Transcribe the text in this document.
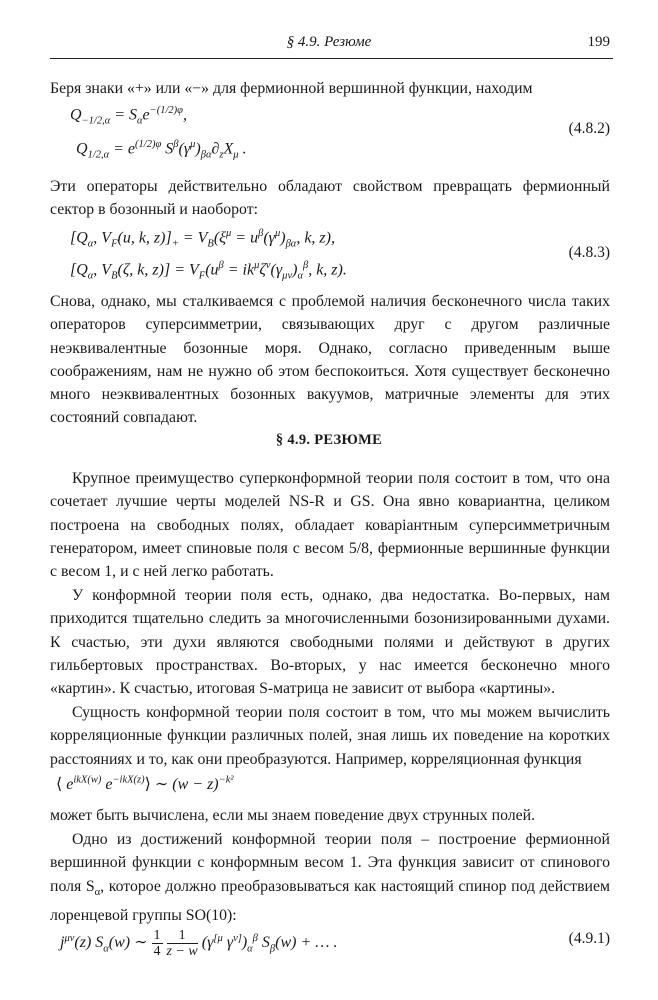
§ 4.9. Резюме	199
Беря знаки «+» или «−» для фермионной вершинной функции, находим
$Q_{-1/2,\alpha} = S_\alpha e^{-(1/2)\varphi}$,
$Q_{1/2,\alpha} = e^{(1/2)\varphi}$ $S^\beta(\gamma^\mu)_{\beta\alpha}\partial_zX_\mu$ .
(4.8.2)
Эти операторы действительно обладают свойством превращать фермионный сектор в бозонный и наоборот:
[$Q_\alpha$, $V_F(u$, k, $z)]_+ = V_B(\xi^\mu = u^\beta(\gamma^\mu)_{\beta\alpha}$, k, z),
[$Q_\alpha$, $V_B(\zeta$, k, $z)] = V_F(u^\beta = ik^\mu\zeta^\nu(\gamma_{\mu\nu})_\alpha^\beta$, k, z).
(4.8.3)
Снова, однако, мы сталкиваемся с проблемой наличия бесконечного числа таких операторов суперсимметрии, связывающих друг с другом различные неэквивалентные бозонные моря. Однако, согласно приведенным выше соображениям, нам не нужно об этом беспокоиться. Хотя существует бесконечно много неэквивалентных бозонных вакуумов, матричные элементы для этих состояний совпадают.
§ 4.9. РЕЗЮМЕ
Крупное преимущество суперконформной теории поля состоит в том, что она сочетает лучшие черты моделей NS-R и GS. Она явно ковариантна, целиком построена на свободных полях, обладает коваріантным суперсимметричным генератором, имеет спиновые поля с весом 5/8, фермионные вершинные функции с весом 1, и с ней легко работать.
У конформной теории поля есть, однако, два недостатка. Во-первых, нам приходится тщательно следить за многочисленными бозонизированными духами. К счастью, эти духи являются свободными полями и действуют в других гильбертовых пространствах. Во-вторых, у нас имеется бесконечно много «картин». К счастью, итоговая S-матрица не зависит от выбора «картины».
Сущность конформной теории поля состоит в том, что мы можем вычислить корреляционные функции различных полей, зная лишь их поведение на коротких расстояниях и то, как они преобразуются. Например, корреляционная функция
⟨ $e^{ikX(w)}$ $e^{-ikX(z)}⟩$ ∼ $(w - z)^{-k^2}$
может быть вычислена, если мы знаем поведение двух струнных полей.
Одно из достижений конформной теории поля – построение фермионной вершинной функции с конформным весом 1. Эта функция зависит от спинового поля $S_\alpha$, которое должно преобразовываться как настоящий спинор под действием лоренцевой группы SO(10):
$j^{\mu\nu}(z)$ $S_\alpha(w)$ ∼ $\frac{1}{4}$
$\frac{1}{z - w} (\gamma^{[\mu}$ $\gamma^{\nu]})_\alpha^\beta$ $S_\beta(w)$ + … .	(4.9.1)
